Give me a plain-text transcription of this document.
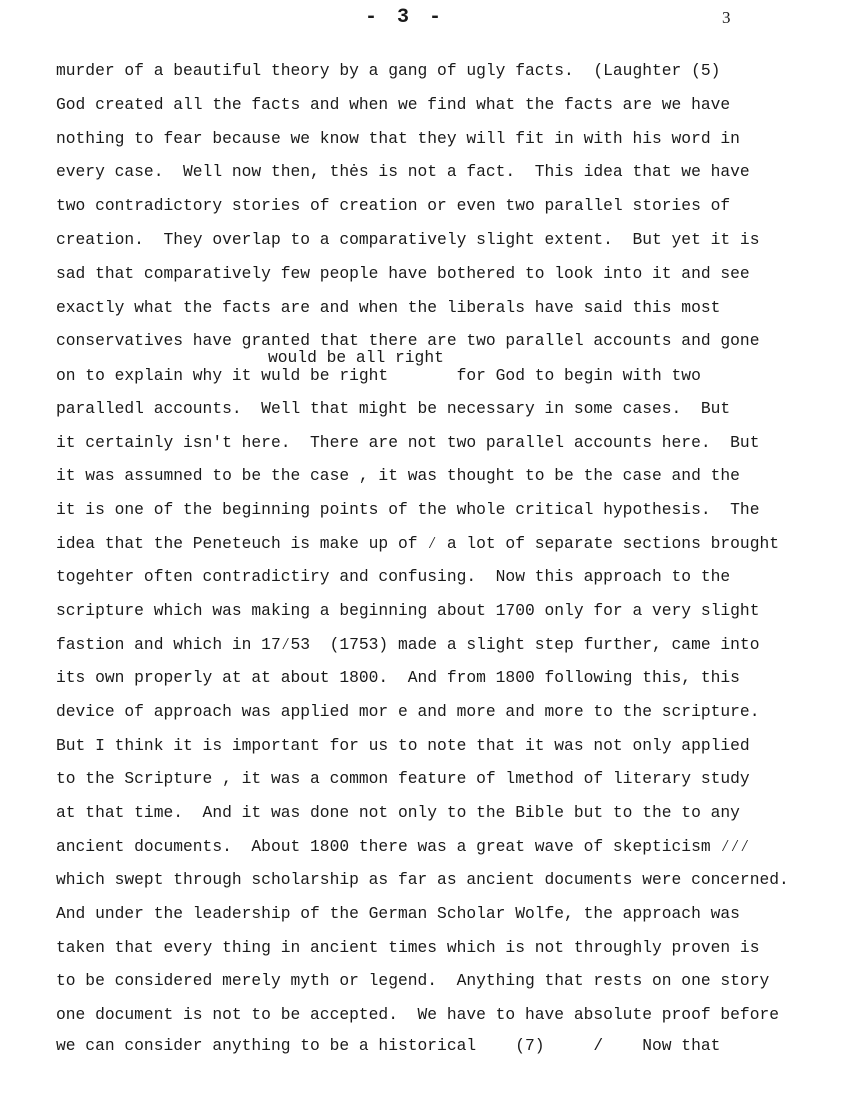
- 3 -	3
murder of a beautiful theory by a gang of ugly facts.  (Laughter (5)
God created all the facts and when we find what the facts are we have
nothing to fear because we know that they will fit in with his word in
every case.  Well now then, thės is not a fact.  This idea that we have
two contradictory stories of creation or even two parallel stories of
creation.  They overlap to a comparatively slight extent.  But yet it is
sad that comparatively few people have bothered to look into it and see
exactly what the facts are and when the liberals have said this most
conservatives have granted that there are two parallel accounts and gone
would be all right
on to explain why it wuld be right       for God to begin with two
paralledl accounts.  Well that might be necessary in some cases.  But
it certainly isn't here.  There are not two parallel accounts here.  But
it was assumned to be the case , it was thought to be the case and the
it is one of the beginning points of the whole critical hypothesis.  The
idea that the Peneteuch is make up of ⁄ a lot of separate sections brought
togehter often contradictiry and confusing.  Now this approach to the
scripture which was making a beginning about 1700 only for a very slight
fastion and which in 17⁄53  (1753) made a slight step further, came into
its own properly at at about 1800.  And from 1800 following this, this
device of approach was applied mor e and more and more to the scripture.
But I think it is important for us to note that it was not only applied
to the Scripture , it was a common feature of lmethod of literary study
at that time.  And it was done not only to the Bible but to the to any
ancient documents.  About 1800 there was a great wave of skepticism ⁄⁄⁄
which swept through scholarship as far as ancient documents were concerned.
And under the leadership of the German Scholar Wolfe, the approach was
taken that every thing in ancient times which is not throughly proven is
to be considered merely myth or legend.  Anything that rests on one story
one document is not to be accepted.  We have to have absolute proof before
we can consider anything to be a historical    (7)     /    Now that
